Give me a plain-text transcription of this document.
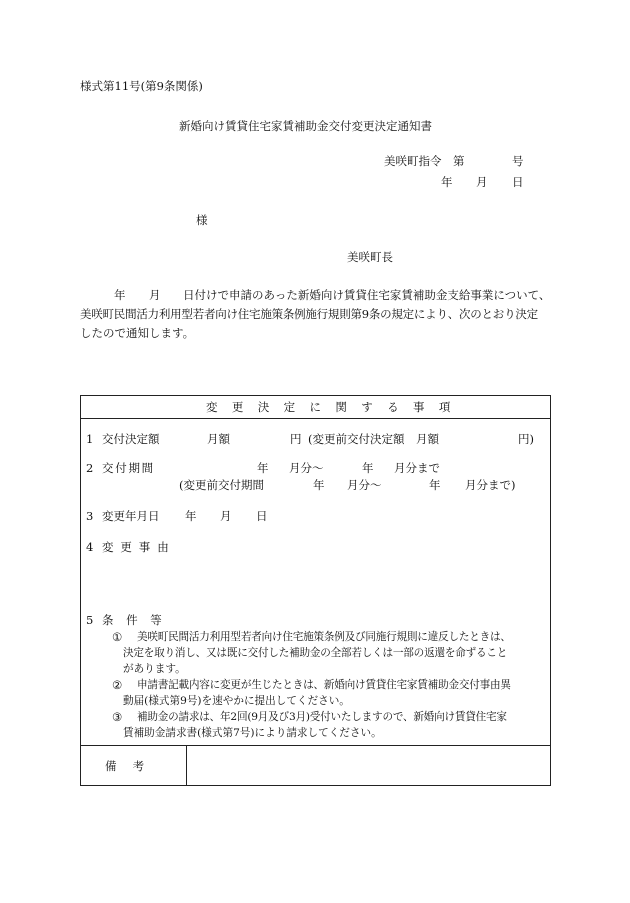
様式第11号(第9条関係)
新婚向け賃貸住宅家賃補助金交付変更決定通知書
美咲町指令　第	号
年 月 日
様
美咲町長
年 月 日付けで申請のあった新婚向け賃貸住宅家賃補助金支給事業について、
美咲町民間活力利用型若者向け住宅施策条例施行規則第9条の規定により、次のとおり決定
したので通知します。
変更決定に関する事項
1 交付決定額	月額	円 (変更前交付決定額　月額	円)
2 交付期間	年 月分～	年 月分まで
(変更前交付期間	年 月分～	年 月分まで)
3 変更年月日 年 月 日
4 変更事由
5 条件等
① 美咲町民間活力利用型若者向け住宅施策条例及び同施行規則に違反したときは、
決定を取り消し、又は既に交付した補助金の全部若しくは一部の返還を命ずること
があります。
② 申請書記載内容に変更が生じたときは、新婚向け賃貸住宅家賃補助金交付事由異
動届(様式第9号)を速やかに提出してください。
③ 補助金の請求は、年2回(9月及び3月)受付いたしますので、新婚向け賃貸住宅家
賃補助金請求書(様式第7号)により請求してください。
備考
